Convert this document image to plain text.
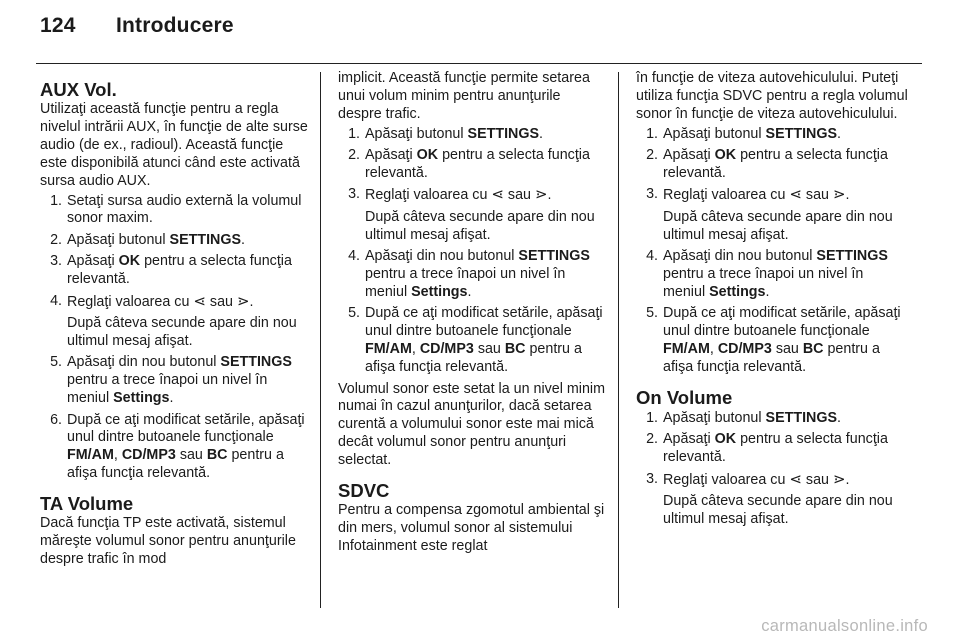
124 Introducere
AUX Vol.

Utilizaţi această funcţie pentru a regla nivelul intrării AUX, în funcţie de alte surse audio (de ex., radioul). Această funcţie este disponibilă atunci când este activată sursa audio AUX.

1. Setaţi sursa audio externă la volumul sonor maxim.
2. Apăsaţi butonul SETTINGS.
3. Apăsaţi OK pentru a selecta funcţia relevantă.
4. Reglaţi valoarea cu ⋖ sau ⋗.

După câteva secunde apare din nou ultimul mesaj afişat.

5. Apăsaţi din nou butonul SETTINGS pentru a trece înapoi un nivel în meniul Settings.
6. După ce aţi modificat setările, apăsaţi unul dintre butoanele funcţionale FM/AM, CD/MP3 sau BC pentru a afişa funcţia relevantă.
TA Volume

Dacă funcţia TP este activată, sistemul măreşte volumul sonor pentru anunţurile despre trafic în mod

implicit. Această funcţie permite setarea unui volum minim pentru anunţurile despre trafic.

1. Apăsaţi butonul SETTINGS.
2. Apăsaţi OK pentru a selecta funcţia relevantă.
3. Reglaţi valoarea cu ⋖ sau ⋗.

După câteva secunde apare din nou ultimul mesaj afişat.

4. Apăsaţi din nou butonul SETTINGS pentru a trece înapoi un nivel în meniul Settings.
5. După ce aţi modificat setările, apăsaţi unul dintre butoanele funcţionale FM/AM, CD/MP3 sau BC pentru a afişa funcţia relevantă.

Volumul sonor este setat la un nivel minim numai în cazul anunţurilor, dacă setarea curentă a volumului sonor este mai mică decât volumul sonor pentru anunţuri selectat.

SDVC

Pentru a compensa zgomotul ambiental şi din mers, volumul sonor al sistemului Infotainment este reglat

în funcţie de viteza autovehiculului. Puteţi utiliza funcţia SDVC pentru a regla volumul sonor în funcţie de viteza autovehiculului.

1. Apăsaţi butonul SETTINGS.
2. Apăsaţi OK pentru a selecta funcţia relevantă.
3. Reglaţi valoarea cu ⋖ sau ⋗.

După câteva secunde apare din nou ultimul mesaj afişat.

4. Apăsaţi din nou butonul SETTINGS pentru a trece înapoi un nivel în meniul Settings.
5. După ce aţi modificat setările, apăsaţi unul dintre butoanele funcţionale FM/AM, CD/MP3 sau BC pentru a afişa funcţia relevantă.
On Volume
1. Apăsaţi butonul SETTINGS.
2. Apăsaţi OK pentru a selecta funcţia relevantă.
3. Reglaţi valoarea cu ⋖ sau ⋗.

După câteva secunde apare din nou ultimul mesaj afişat.

carmanualsonline.info
